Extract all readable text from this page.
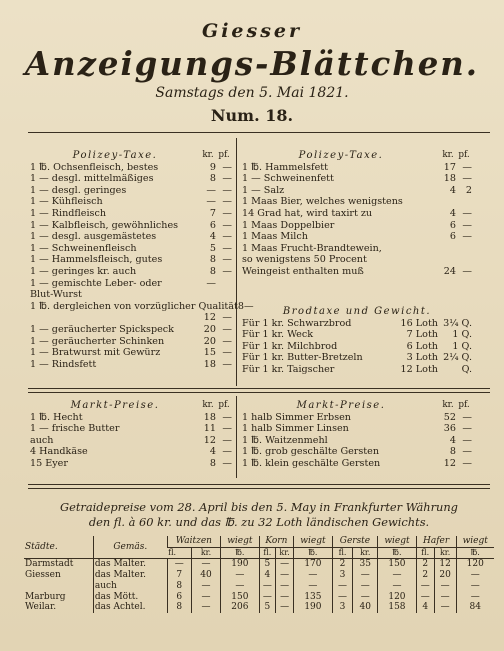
Giesser
Anzeigungs-Blättchen.
Samstags den 5. Mai 1821.
Num. 18.
Polizey-Taxe.	kr. pf.
1 ℔. Ochsenfleisch, bestes	9 —
1 — desgl. mittelmäßiges	8 —
1 — desgl. geringes	— —
1 — Kühfleisch	— —
1 — Rindfleisch	7 —
1 — Kalbfleisch, gewöhnliches	6 —
1 — desgl. ausgemästetes	4 —
1 — Schweinenfleisch	5 —
1 — Hammelsfleisch, gutes	8 —
1 — geringes kr. auch	8 —
1 — gemischte Leber- oder	—
Blut-Wurst
1 ℔. dergleichen von vorzüglicher Qualität 8 —
12 —
1 — geräucherter Spickspeck	20 —
1 — geräucherter Schinken	20 —
1 — Bratwurst mit Gewürz	15 —
1 — Rindsfett	18 —
Polizey-Taxe.	kr. pf.
1 ℔. Hammelsfett	17 —
1 — Schweinenfett	18 —
1 — Salz	4	2
1 Maas Bier, welches wenigstens
14 Grad hat, wird taxirt zu	4 —
1 Maas Doppelbier	6 —
1 Maas Milch	6 —
1 Maas Frucht-Brandtewein,
so wenigstens 50 Procent
Weingeist enthalten muß	24 —
Brodtaxe und Gewicht.
Für 1 kr. Schwarzbrod	16 Loth 3¼ Q.
Für 1 kr. Weck	7 Loth	1 Q.
Für 1 kr. Milchbrod	6 Loth	1 Q.
Für 1 kr. Butter-Bretzeln	3 Loth 2¼ Q.
Für 1 kr. Taigscher	12 Loth	Q.
Markt-Preise.	kr. pf.
1 ℔. Hecht	18 —
1 — frische Butter	11 —
auch	12 —
4 Handkäse	4 —
15 Eyer	8 —
Markt-Preise.	kr. pf.
1 halb Simmer Erbsen	52 —
1 halb Simmer Linsen	36 —
1 ℔. Waitzenmehl	4 —
1 ℔. grob geschälte Gersten	8 —
1 ℔. klein geschälte Gersten	12 —
Getraidepreise vom 28. April bis den 5. May in Frankfurter Währung
den fl. à 60 kr. und das ℔. zu 32 Loth ländischen Gewichts.
Städte.	Gemäs.	Waitzen		wiegt	Korn		wiegt	Gerste		wiegt	Hafer		wiegt
		fl.	kr.	℔.	fl.	kr.	℔.	fl.	kr.	℔.	fl.	kr.	℔.
Darmstadt	das Malter.	—	—	190	5	—	170	2	35	150	2	12	120
Giessen	das Malter.	7	40	—	4	—	—	3	—	—	2	20	—
	auch	8	—	—	—	—	—	—	—	—	—	—	—
Marburg	das Mött.	6	—	150	—	—	135	—	—	120	—	—	—
Weilar.	das Achtel.	8	—	206	5	—	190	3	40	158	4	—	84
